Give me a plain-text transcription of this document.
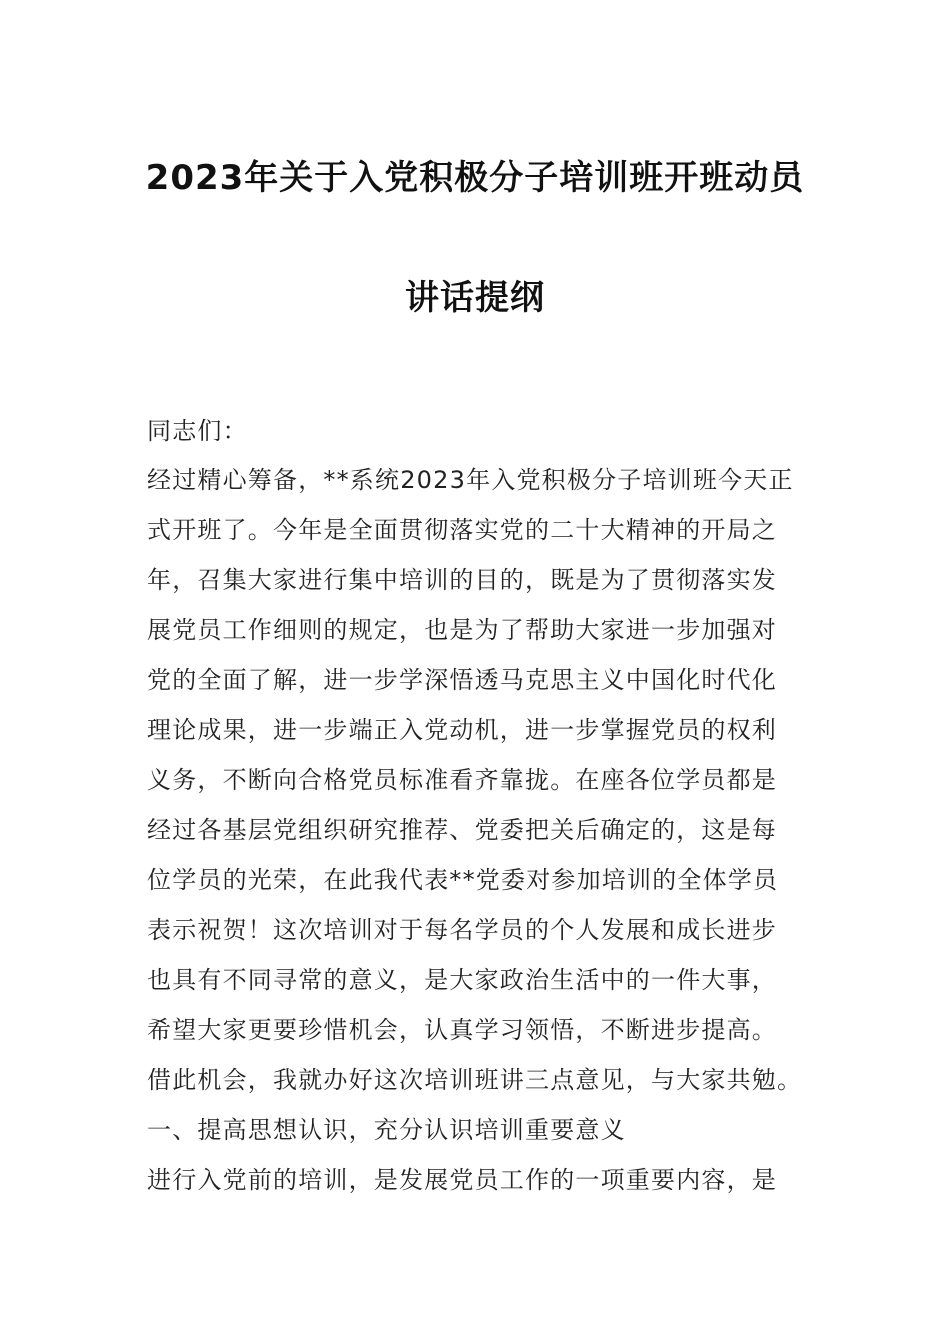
2023年关于入党积极分子培训班开班动员
讲话提纲
同志们：
经过精心筹备，**系统2023年入党积极分子培训班今天正
式开班了。今年是全面贯彻落实党的二十大精神的开局之
年，召集大家进行集中培训的目的，既是为了贯彻落实发
展党员工作细则的规定，也是为了帮助大家进一步加强对
党的全面了解，进一步学深悟透马克思主义中国化时代化
理论成果，进一步端正入党动机，进一步掌握党员的权利
义务，不断向合格党员标准看齐靠拢。在座各位学员都是
经过各基层党组织研究推荐、党委把关后确定的，这是每
位学员的光荣，在此我代表**党委对参加培训的全体学员
表示祝贺！这次培训对于每名学员的个人发展和成长进步
也具有不同寻常的意义，是大家政治生活中的一件大事，
希望大家更要珍惜机会，认真学习领悟，不断进步提高。
借此机会，我就办好这次培训班讲三点意见，与大家共勉。
一、提高思想认识，充分认识培训重要意义
进行入党前的培训，是发展党员工作的一项重要内容，是
